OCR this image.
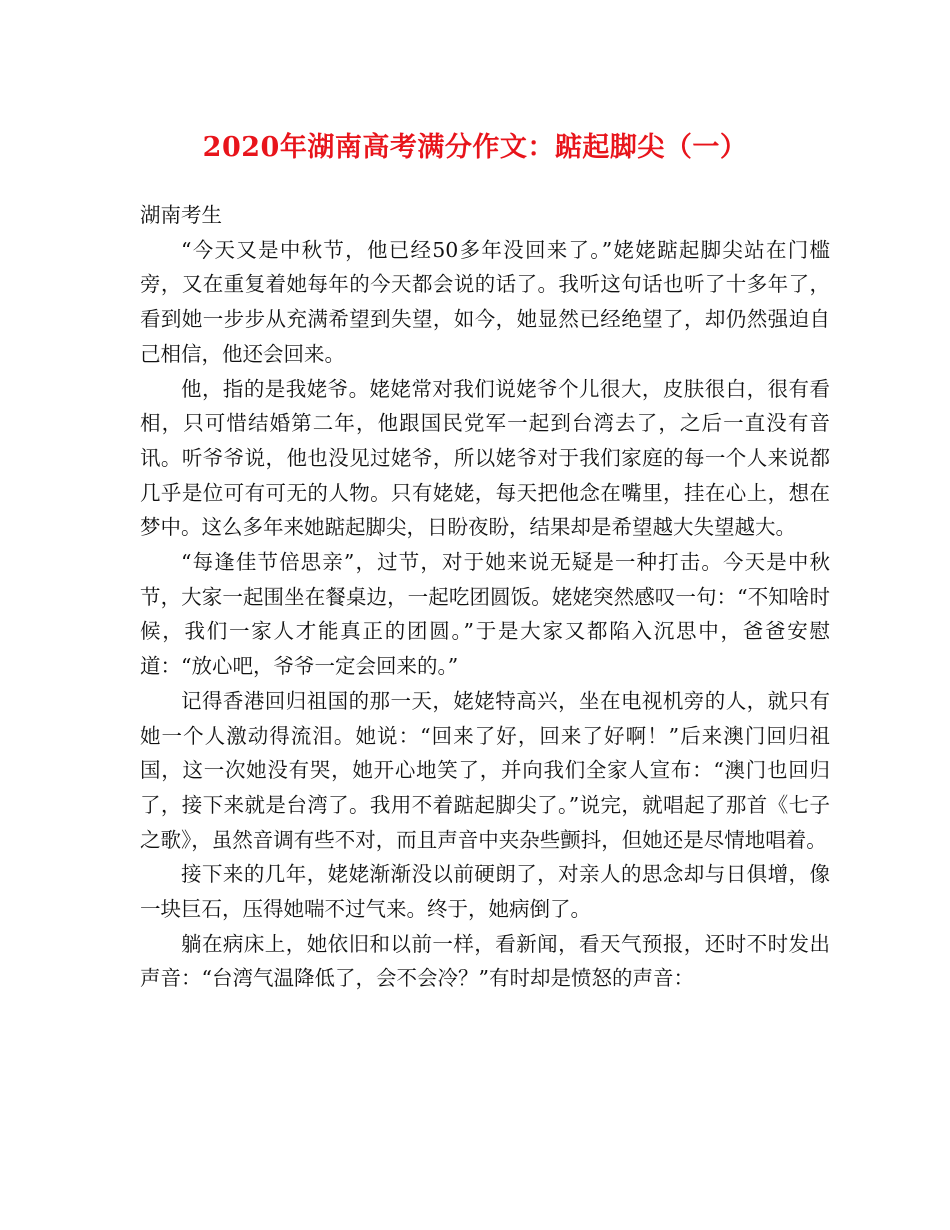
2020年湖南高考满分作文：踮起脚尖（一）

湖南考生

“今天又是中秋节，他已经50多年没回来了。”姥姥踮起脚尖站在门槛旁，又在重复着她每年的今天都会说的话了。我听这句话也听了十多年了，看到她一步步从充满希望到失望，如今，她显然已经绝望了，却仍然强迫自己相信，他还会回来。

他，指的是我姥爷。姥姥常对我们说姥爷个儿很大，皮肤很白，很有看相，只可惜结婚第二年，他跟国民党军一起到台湾去了，之后一直没有音讯。听爷爷说，他也没见过姥爷，所以姥爷对于我们家庭的每一个人来说都几乎是位可有可无的人物。只有姥姥，每天把他念在嘴里，挂在心上，想在梦中。这么多年来她踮起脚尖，日盼夜盼，结果却是希望越大失望越大。

“每逢佳节倍思亲”，过节，对于她来说无疑是一种打击。今天是中秋节，大家一起围坐在餐桌边，一起吃团圆饭。姥姥突然感叹一句：“不知啥时候，我们一家人才能真正的团圆。”于是大家又都陷入沉思中，爸爸安慰道：“放心吧，爷爷一定会回来的。”

记得香港回归祖国的那一天，姥姥特高兴，坐在电视机旁的人，就只有她一个人激动得流泪。她说：“回来了好，回来了好啊！”后来澳门回归祖国，这一次她没有哭，她开心地笑了，并向我们全家人宣布：“澳门也回归了，接下来就是台湾了。我用不着踮起脚尖了。”说完，就唱起了那首《七子之歌》，虽然音调有些不对，而且声音中夹杂些颤抖，但她还是尽情地唱着。

接下来的几年，姥姥渐渐没以前硬朗了，对亲人的思念却与日俱增，像一块巨石，压得她喘不过气来。终于，她病倒了。

躺在病床上，她依旧和以前一样，看新闻，看天气预报，还时不时发出声音：“台湾气温降低了，会不会冷？”有时却是愤怒的声音：
